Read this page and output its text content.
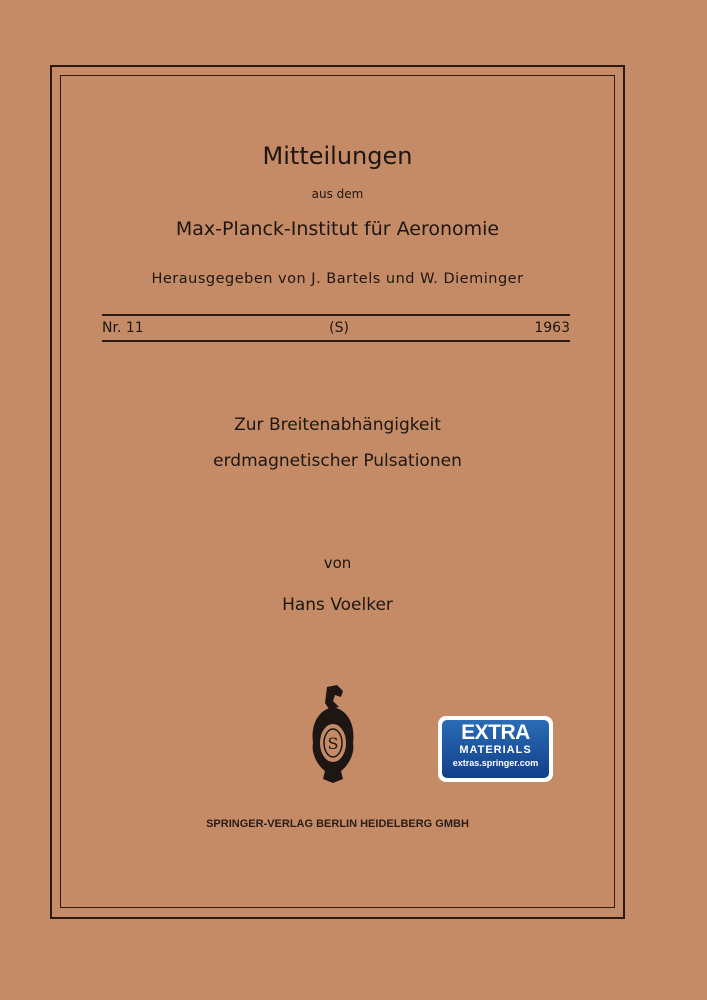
Mitteilungen
aus dem
Max-Planck-Institut für Aeronomie
Herausgegeben von J. Bartels und W. Dieminger
Nr. 11	(S)	1963
Zur Breitenabhängigkeit
erdmagnetischer Pulsationen
von
Hans Voelker
S	EXTRA
MATERIALS
extras.springer.com
SPRINGER-VERLAG BERLIN HEIDELBERG GMBH
